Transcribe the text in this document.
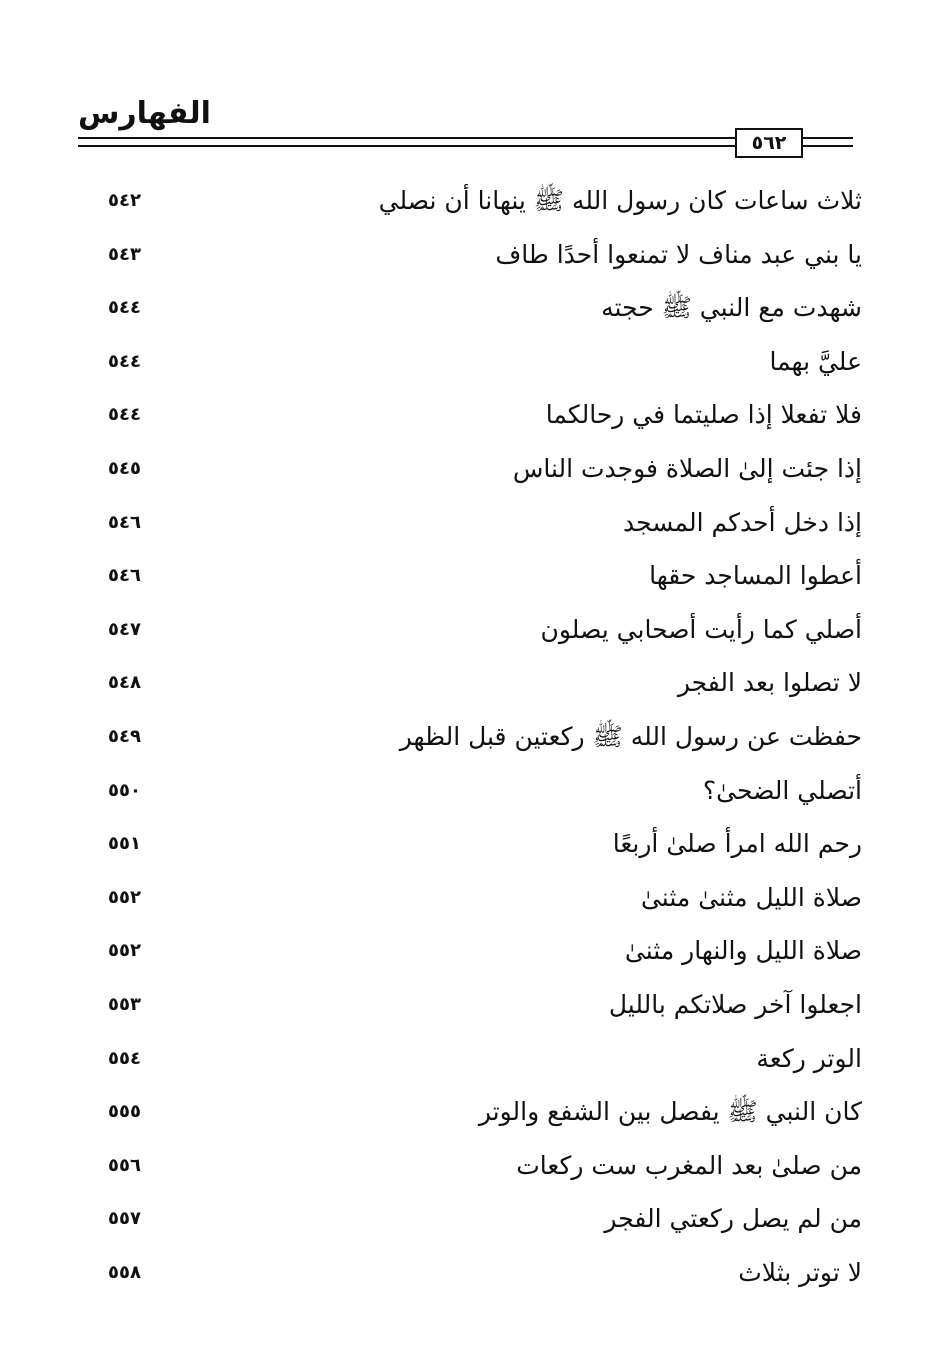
الفهارس
٥٦٢
ثلاث ساعات كان رسول الله ﷺ ينهانا أن نصلي
٥٤٢
يا بني عبد مناف لا تمنعوا أحدًا طاف
٥٤٣
شهدت مع النبي ﷺ حجته
٥٤٤
عليَّ بهما
٥٤٤
فلا تفعلا إذا صليتما في رحالكما
٥٤٤
إذا جئت إلىٰ الصلاة فوجدت الناس
٥٤٥
إذا دخل أحدكم المسجد
٥٤٦
أعطوا المساجد حقها
٥٤٦
أصلي كما رأيت أصحابي يصلون
٥٤٧
لا تصلوا بعد الفجر
٥٤٨
حفظت عن رسول الله ﷺ ركعتين قبل الظهر
٥٤٩
أتصلي الضحىٰ؟
٥٥٠
رحم الله امرأ صلىٰ أربعًا
٥٥١
صلاة الليل مثنىٰ مثنىٰ
٥٥٢
صلاة الليل والنهار مثنىٰ
٥٥٢
اجعلوا آخر صلاتكم بالليل
٥٥٣
الوتر ركعة
٥٥٤
كان النبي ﷺ يفصل بين الشفع والوتر
٥٥٥
من صلىٰ بعد المغرب ست ركعات
٥٥٦
من لم يصل ركعتي الفجر
٥٥٧
لا توتر بثلاث
٥٥٨
